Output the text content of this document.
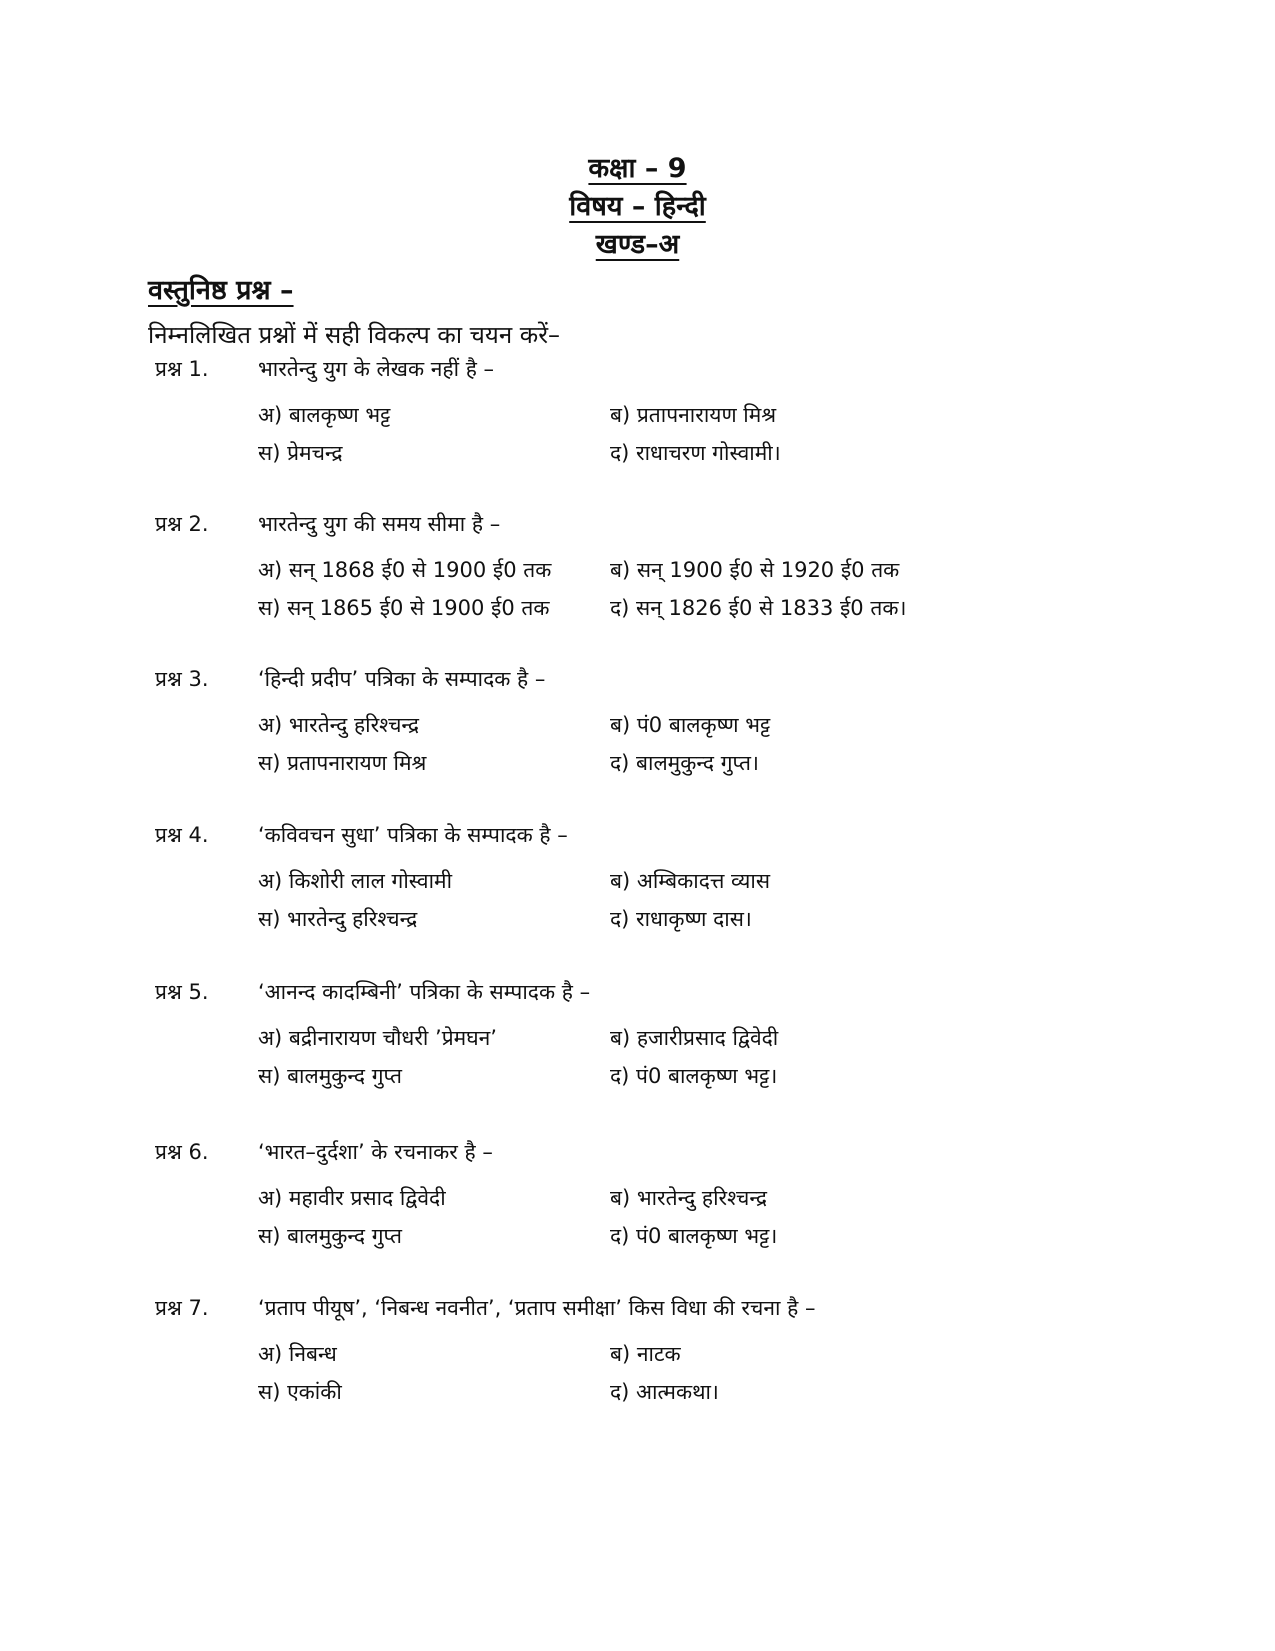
कक्षा – 9
विषय – हिन्दी
खण्ड–अ
वस्तुनिष्ठ प्रश्न –
निम्नलिखित प्रश्नों में सही विकल्प का चयन करें–
प्रश्न 1. भारतेन्दु युग के लेखक नहीं है –
अ) बालकृष्ण भट्ट	ब) प्रतापनारायण मिश्र
स) प्रेमचन्द्र	द) राधाचरण गोस्वामी।
प्रश्न 2. भारतेन्दु युग की समय सीमा है –
अ) सन् 1868 ई0 से 1900 ई0 तक	ब) सन् 1900 ई0 से 1920 ई0 तक
स) सन् 1865 ई0 से 1900 ई0 तक	द) सन् 1826 ई0 से 1833 ई0 तक।
प्रश्न 3. ‘हिन्दी प्रदीप’ पत्रिका के सम्पादक है –
अ) भारतेन्दु हरिश्चन्द्र	ब) पं0 बालकृष्ण भट्ट
स) प्रतापनारायण मिश्र	द) बालमुकुन्द गुप्त।
प्रश्न 4. ‘कविवचन सुधा’ पत्रिका के सम्पादक है –
अ) किशोरी लाल गोस्वामी	ब) अम्बिकादत्त व्यास
स) भारतेन्दु हरिश्चन्द्र	द) राधाकृष्ण दास।
प्रश्न 5. ‘आनन्द कादम्बिनी’ पत्रिका के सम्पादक है –
अ) बद्रीनारायण चौधरी ’प्रेमघन’	ब) हजारीप्रसाद द्विवेदी
स) बालमुकुन्द गुप्त	द) पं0 बालकृष्ण भट्ट।
प्रश्न 6. ‘भारत–दुर्दशा’ के रचनाकर है –
अ) महावीर प्रसाद द्विवेदी	ब) भारतेन्दु हरिश्चन्द्र
स) बालमुकुन्द गुप्त	द) पं0 बालकृष्ण भट्ट।
प्रश्न 7. ‘प्रताप पीयूष’, ‘निबन्ध नवनीत’, ‘प्रताप समीक्षा’ किस विधा की रचना है –
अ) निबन्ध	ब) नाटक
स) एकांकी	द) आत्मकथा।
